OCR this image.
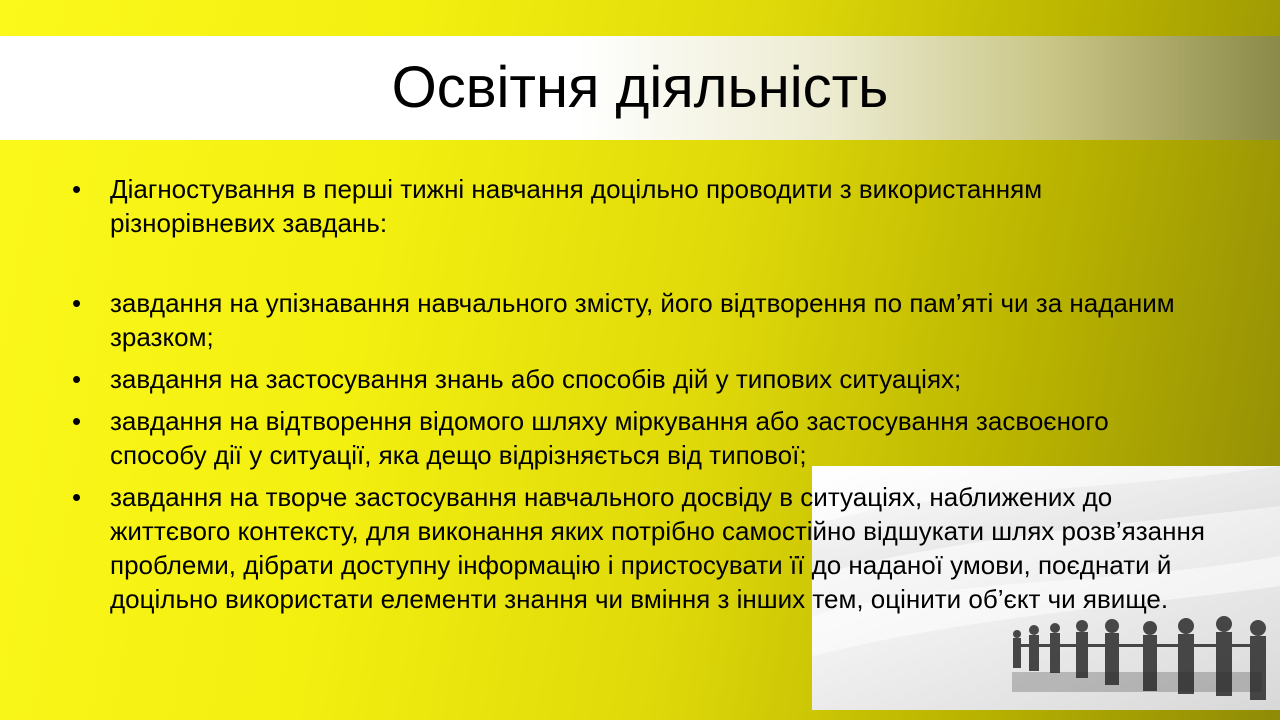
Освітня діяльність
• Діагностування в перші тижні навчання доцільно проводити з використанням різнорівневих завдань:
• завдання на упізнавання навчального змісту, його відтворення по пам’яті чи за наданим зразком;
• завдання на застосування знань або способів дій у типових ситуаціях;
• завдання на відтворення відомого шляху міркування або застосування засвоєного способу дії у ситуації, яка дещо відрізняється від типової;
• завдання на творче застосування навчального досвіду в ситуаціях, наближених до життєвого контексту, для виконання яких потрібно самостійно відшукати шлях розв’язання проблеми, дібрати доступну інформацію і пристосувати її до наданої умови, поєднати й доцільно використати елементи знання чи вміння з інших тем, оцінити об’єкт чи явище.
